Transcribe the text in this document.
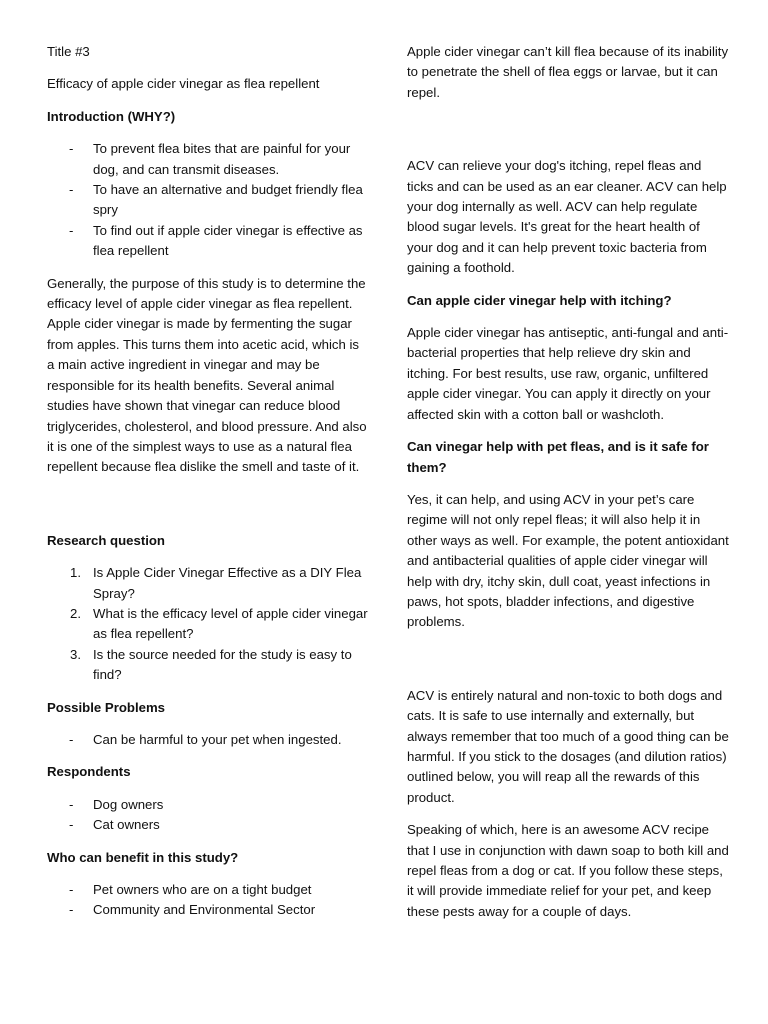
Title #3

Efficacy of apple cider vinegar as flea repellent

Introduction (WHY?)

-	To prevent flea bites that are painful for your dog, and can transmit diseases.
-	To have an alternative and budget friendly flea spry
-	To find out if apple cider vinegar is effective as flea repellent

Generally, the purpose of this study is to determine the efficacy level of apple cider vinegar as flea repellent. Apple cider vinegar is made by fermenting the sugar from apples. This turns them into acetic acid, which is a main active ingredient in vinegar and may be responsible for its health benefits. Several animal studies have shown that vinegar can reduce blood triglycerides, cholesterol, and blood pressure. And also it is one of the simplest ways to use as a natural flea repellent because flea dislike the smell and taste of it.

Research question

1. Is Apple Cider Vinegar Effective as a DIY Flea Spray?
2. What is the efficacy level of apple cider vinegar as flea repellent?
3. Is the source needed for the study is easy to find?

Possible Problems

-	Can be harmful to your pet when ingested.

Respondents

-	Dog owners
-	Cat owners

Who can benefit in this study?

-	Pet owners who are on a tight budget
-	Community and Environmental Sector

Apple cider vinegar can’t kill flea because of its inability to penetrate the shell of flea eggs or larvae, but it can repel.

ACV can relieve your dog's itching, repel fleas and ticks and can be used as an ear cleaner. ACV can help your dog internally as well. ACV can help regulate blood sugar levels. It's great for the heart health of your dog and it can help prevent toxic bacteria from gaining a foothold.

Can apple cider vinegar help with itching?

Apple cider vinegar has antiseptic, anti-fungal and anti-bacterial properties that help relieve dry skin and itching. For best results, use raw, organic, unfiltered apple cider vinegar. You can apply it directly on your affected skin with a cotton ball or washcloth.

Can vinegar help with pet fleas, and is it safe for them?

Yes, it can help, and using ACV in your pet’s care regime will not only repel fleas; it will also help it in other ways as well. For example, the potent antioxidant and antibacterial qualities of apple cider vinegar will help with dry, itchy skin, dull coat, yeast infections in paws, hot spots, bladder infections, and digestive problems.

ACV is entirely natural and non-toxic to both dogs and cats. It is safe to use internally and externally, but always remember that too much of a good thing can be harmful. If you stick to the dosages (and dilution ratios) outlined below, you will reap all the rewards of this product.

Speaking of which, here is an awesome ACV recipe that I use in conjunction with dawn soap to both kill and repel fleas from a dog or cat. If you follow these steps, it will provide immediate relief for your pet, and keep these pests away for a couple of days.
